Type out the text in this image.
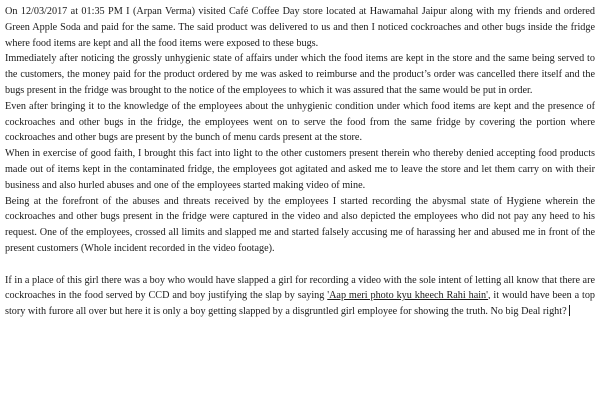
On 12/03/2017 at 01:35 PM I (Arpan Verma) visited Café Coffee Day store located at Hawamahal Jaipur along with my friends and ordered Green Apple Soda and paid for the same. The said product was delivered to us and then I noticed cockroaches and other bugs inside the fridge where food items are kept and all the food items were exposed to these bugs.

Immediately after noticing the grossly unhygienic state of affairs under which the food items are kept in the store and the same being served to the customers, the money paid for the product ordered by me was asked to reimburse and the product’s order was cancelled there itself and the bugs present in the fridge was brought to the notice of the employees to which it was assured that the same would be put in order.

Even after bringing it to the knowledge of the employees about the unhygienic condition under which food items are kept and the presence of cockroaches and other bugs in the fridge, the employees went on to serve the food from the same fridge by covering the portion where cockroaches and other bugs are present by the bunch of menu cards present at the store.

When in exercise of good faith, I brought this fact into light to the other customers present therein who thereby denied accepting food products made out of items kept in the contaminated fridge, the employees got agitated and asked me to leave the store and let them carry on with their business and also hurled abuses and one of the employees started making video of mine.

Being at the forefront of the abuses and threats received by the employees I started recording the abysmal state of Hygiene wherein the cockroaches and other bugs present in the fridge were captured in the video and also depicted the employees who did not pay any heed to his request. One of the employees, crossed all limits and slapped me and started falsely accusing me of harassing her and abused me in front of the present customers (Whole incident recorded in the video footage).

If in a place of this girl there was a boy who would have slapped a girl for recording a video with the sole intent of letting all know that there are cockroaches in the food served by CCD and boy justifying the slap by saying 'Aap meri photo kyu kheech Rahi hain', it would have been a top story with furore all over but here it is only a boy getting slapped by a disgruntled girl employee for showing the truth. No big Deal right?
